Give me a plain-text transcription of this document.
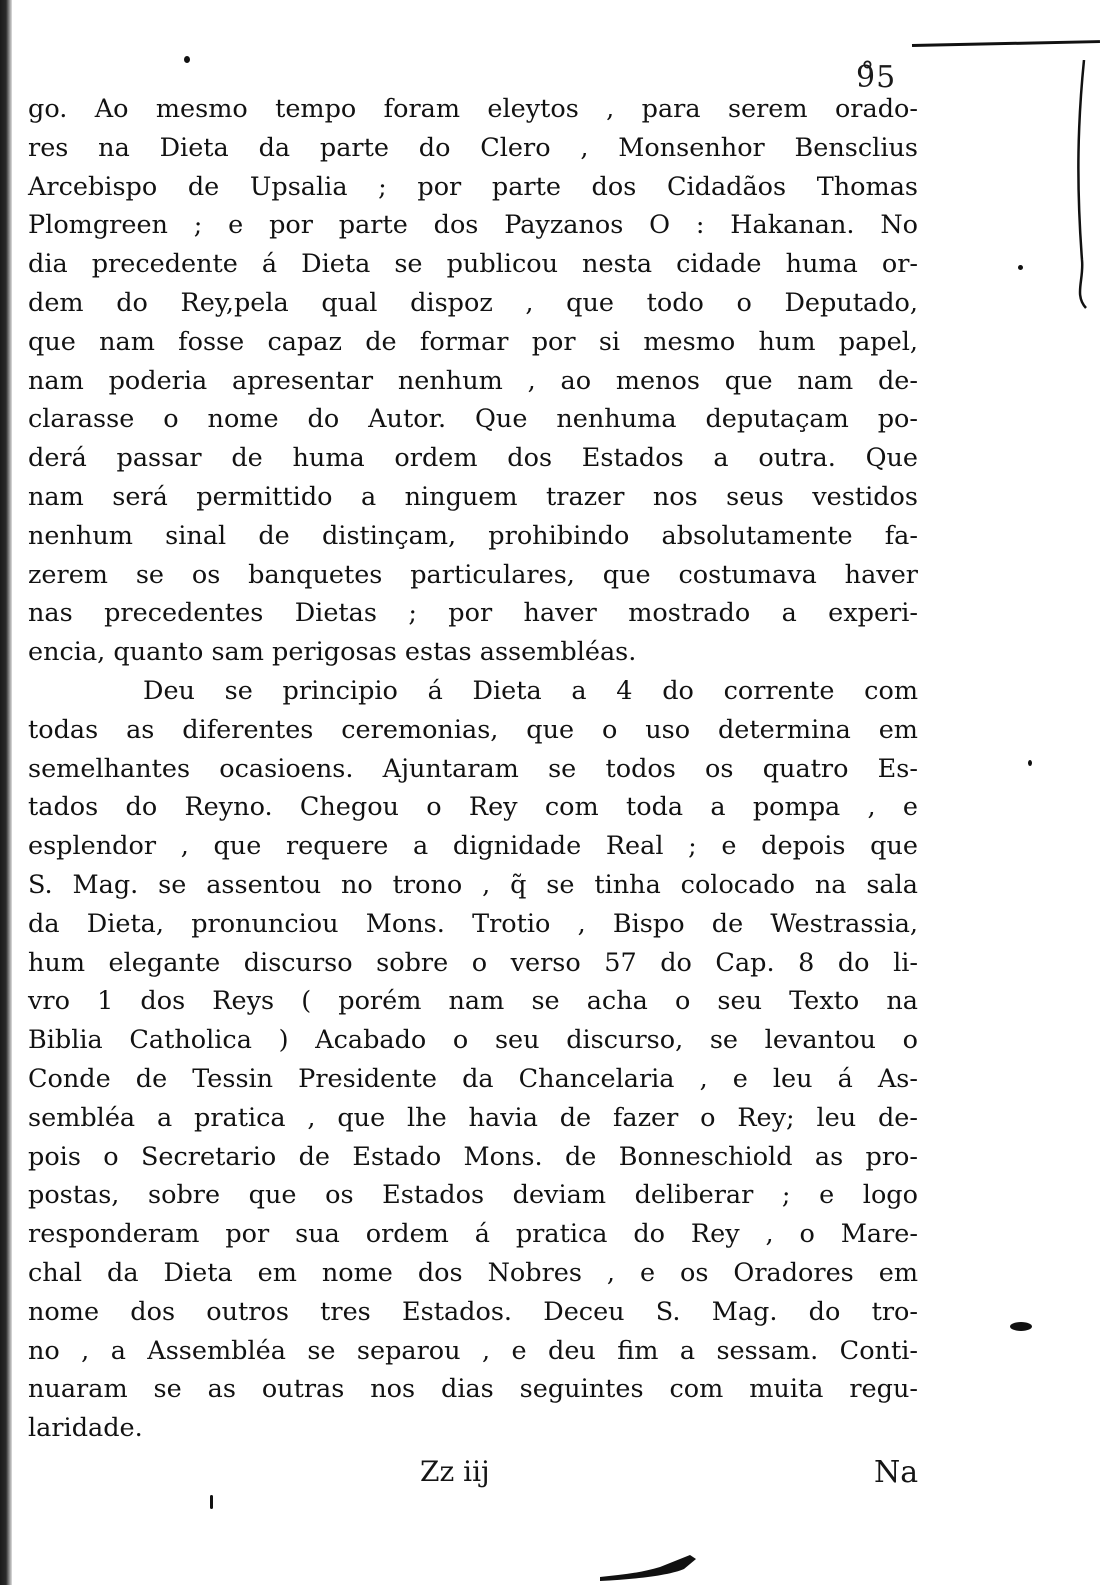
9̊5
go. Ao mesmo tempo foram eleytos , para serem orado-
res na Dieta da parte do Clero , Monsenhor Bensclius
Arcebispo de Upsalia ; por parte dos Cidadãos Thomas
Plomgreen ; e por parte dos Payzanos O : Hakanan. No
dia precedente á Dieta se publicou nesta cidade huma or-
dem do Rey,pela qual dispoz , que todo o Deputado,
que nam fosse capaz de formar por si mesmo hum papel,
nam poderia apresentar nenhum , ao menos que nam de-
clarasse o nome do Autor. Que nenhuma deputaçam po-
derá passar de huma ordem dos Estados a outra. Que
nam será permittido a ninguem trazer nos seus vestidos
nenhum sinal de distinçam, prohibindo absolutamente fa-
zerem se os banquetes particulares, que costumava haver
nas precedentes Dietas ; por haver mostrado a experi-
encia, quanto sam perigosas estas assembléas.
Deu se principio á Dieta a 4 do corrente com
todas as diferentes ceremonias, que o uso determina em
semelhantes ocasioens. Ajuntaram se todos os quatro Es-
tados do Reyno. Chegou o Rey com toda a pompa , e
esplendor , que requere a dignidade Real ; e depois que
S. Mag. se assentou no trono , q̃ se tinha colocado na sala
da Dieta, pronunciou Mons. Trotio , Bispo de Westrassia,
hum elegante discurso sobre o verso 57 do Cap. 8 do li-
vro 1 dos Reys ( porém nam se acha o seu Texto na
Biblia Catholica ) Acabado o seu discurso, se levantou o
Conde de Tessin Presidente da Chancelaria , e leu á As-
sembléa a pratica , que lhe havia de fazer o Rey; leu de-
pois o Secretario de Estado Mons. de Bonneschiold as pro-
postas, sobre que os Estados deviam deliberar ; e logo
responderam por sua ordem á pratica do Rey , o Mare-
chal da Dieta em nome dos Nobres , e os Oradores em
nome dos outros tres Estados. Deceu S. Mag. do tro-
no , a Assembléa se separou , e deu fim a sessam. Conti-
nuaram se as outras nos dias seguintes com muita regu-
laridade.
Zz iij	Na
